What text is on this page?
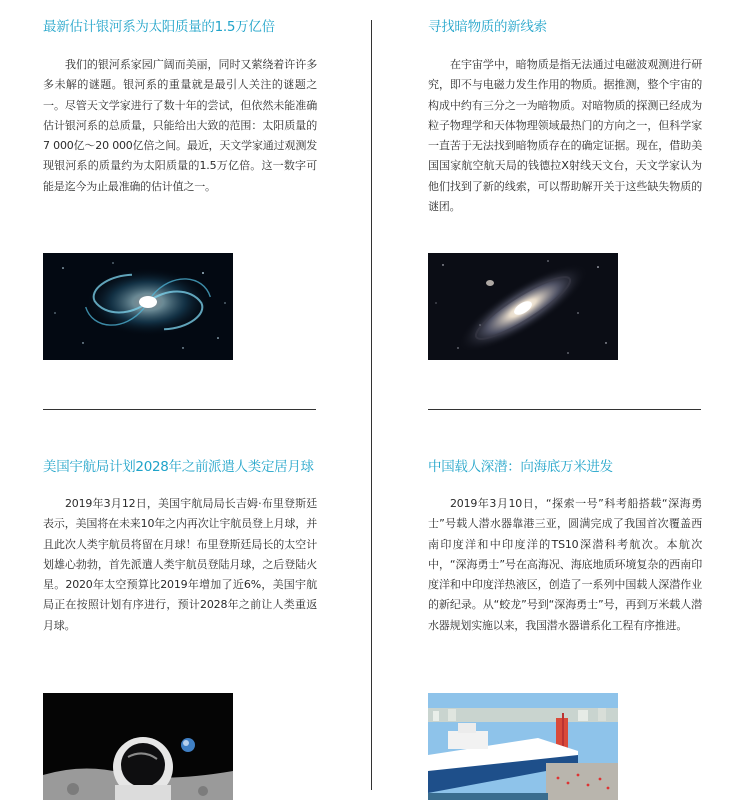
最新估计银河系为太阳质量的1.5万亿倍
我们的银河系家园广阔而美丽，同时又萦绕着许许多多未解的谜题。银河系的重量就是最引人关注的谜题之一。尽管天文学家进行了数十年的尝试，但依然未能准确估计银河系的总质量，只能给出大致的范围：太阳质量的7 000亿～20 000亿倍之间。最近，天文学家通过观测发现银河系的质量约为太阳质量的1.5万亿倍。这一数字可能是迄今为止最准确的估计值之一。
寻找暗物质的新线索
在宇宙学中，暗物质是指无法通过电磁波观测进行研究，即不与电磁力发生作用的物质。据推测，整个宇宙的构成中约有三分之一为暗物质。对暗物质的探测已经成为粒子物理学和天体物理领域最热门的方向之一，但科学家一直苦于无法找到暗物质存在的确定证据。现在，借助美国国家航空航天局的钱德拉X射线天文台，天文学家认为他们找到了新的线索，可以帮助解开关于这些缺失物质的谜团。
美国宇航局计划2028年之前派遣人类定居月球
2019年3月12日，美国宇航局局长吉姆·布里登斯廷表示，美国将在未来10年之内再次让宇航员登上月球，并且此次人类宇航员将留在月球！布里登斯廷局长的太空计划雄心勃勃，首先派遣人类宇航员登陆月球，之后登陆火星。2020年太空预算比2019年增加了近6%，美国宇航局正在按照计划有序进行，预计2028年之前让人类重返月球。
中国载人深潜：向海底万米进发
2019年3月10日，“探索一号”科考船搭载“深海勇士”号载人潜水器靠港三亚，圆满完成了我国首次覆盖西南印度洋和中印度洋的TS10深潜科考航次。本航次中，“深海勇士”号在高海况、海底地质环境复杂的西南印度洋和中印度洋热液区，创造了一系列中国载人深潜作业的新纪录。从“蛟龙”号到“深海勇士”号，再到万米载人潜水器规划实施以来，我国潜水器谱系化工程有序推进。
